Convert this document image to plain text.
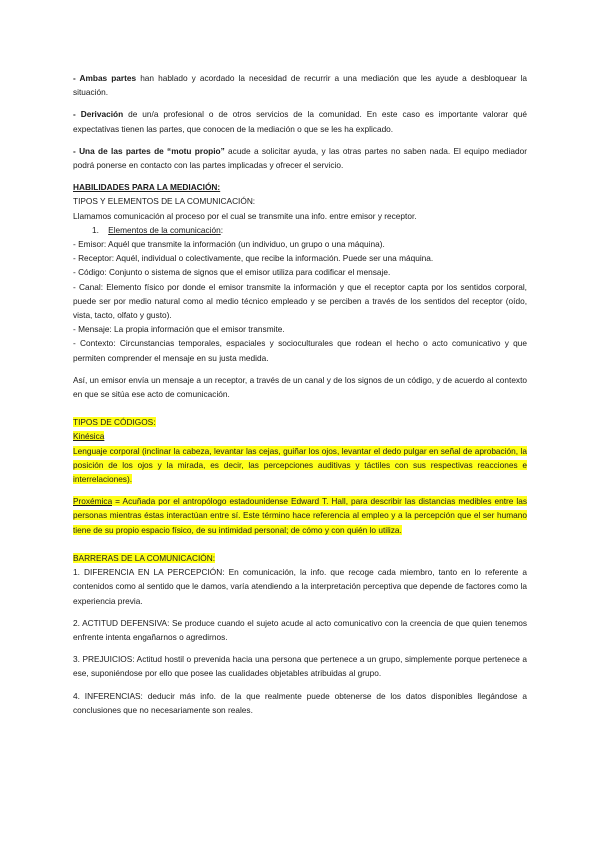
- Ambas partes han hablado y acordado la necesidad de recurrir a una mediación que les ayude a desbloquear la situación.

- Derivación de un/a profesional o de otros servicios de la comunidad. En este caso es importante valorar qué expectativas tienen las partes, que conocen de la mediación o que se les ha explicado.

- Una de las partes de “motu propio” acude a solicitar ayuda, y las otras partes no saben nada. El equipo mediador podrá ponerse en contacto con las partes implicadas y ofrecer el servicio.

HABILIDADES PARA LA MEDIACIÓN:

TIPOS Y ELEMENTOS DE LA COMUNICACIÓN:

Llamamos comunicación al proceso por el cual se transmite una info. entre emisor y receptor.

1. Elementos de la comunicación:

- Emisor: Aquél que transmite la información (un individuo, un grupo o una máquina).

- Receptor: Aquél, individual o colectivamente, que recibe la información. Puede ser una máquina.

- Código: Conjunto o sistema de signos que el emisor utiliza para codificar el mensaje.

- Canal: Elemento físico por donde el emisor transmite la información y que el receptor capta por los sentidos corporal, puede ser por medio natural como al medio técnico empleado y se perciben a través de los sentidos del receptor (oído, vista, tacto, olfato y gusto).

- Mensaje: La propia información que el emisor transmite.

- Contexto: Circunstancias temporales, espaciales y socioculturales que rodean el hecho o acto comunicativo y que permiten comprender el mensaje en su justa medida.

Así, un emisor envía un mensaje a un receptor, a través de un canal y de los signos de un código, y de acuerdo al contexto en que se sitúa ese acto de comunicación.

TIPOS DE CÓDIGOS:

Kinésica

Lenguaje corporal (inclinar la cabeza, levantar las cejas, guiñar los ojos, levantar el dedo pulgar en señal de aprobación, la posición de los ojos y la mirada, es decir, las percepciones auditivas y táctiles con sus respectivas reacciones e interrelaciones).

Proxémica = Acuñada por el antropólogo estadounidense Edward T. Hall, para describir las distancias medibles entre las personas mientras éstas interactúan entre sí. Este término hace referencia al empleo y a la percepción que el ser humano tiene de su propio espacio físico, de su intimidad personal; de cómo y con quién lo utiliza.

BARRERAS DE LA COMUNICACIÓN:

1. DIFERENCIA EN LA PERCEPCIÓN: En comunicación, la info. que recoge cada miembro, tanto en lo referente a contenidos como al sentido que le damos, varía atendiendo a la interpretación perceptiva que depende de factores como la experiencia previa.

2. ACTITUD DEFENSIVA: Se produce cuando el sujeto acude al acto comunicativo con la creencia de que quien tenemos enfrente intenta engañarnos o agredirnos.

3. PREJUICIOS: Actitud hostil o prevenida hacia una persona que pertenece a un grupo, simplemente porque pertenece a ese, suponiéndose por ello que posee las cualidades objetables atribuidas al grupo.

4. INFERENCIAS: deducir más info. de la que realmente puede obtenerse de los datos disponibles llegándose a conclusiones que no necesariamente son reales.
